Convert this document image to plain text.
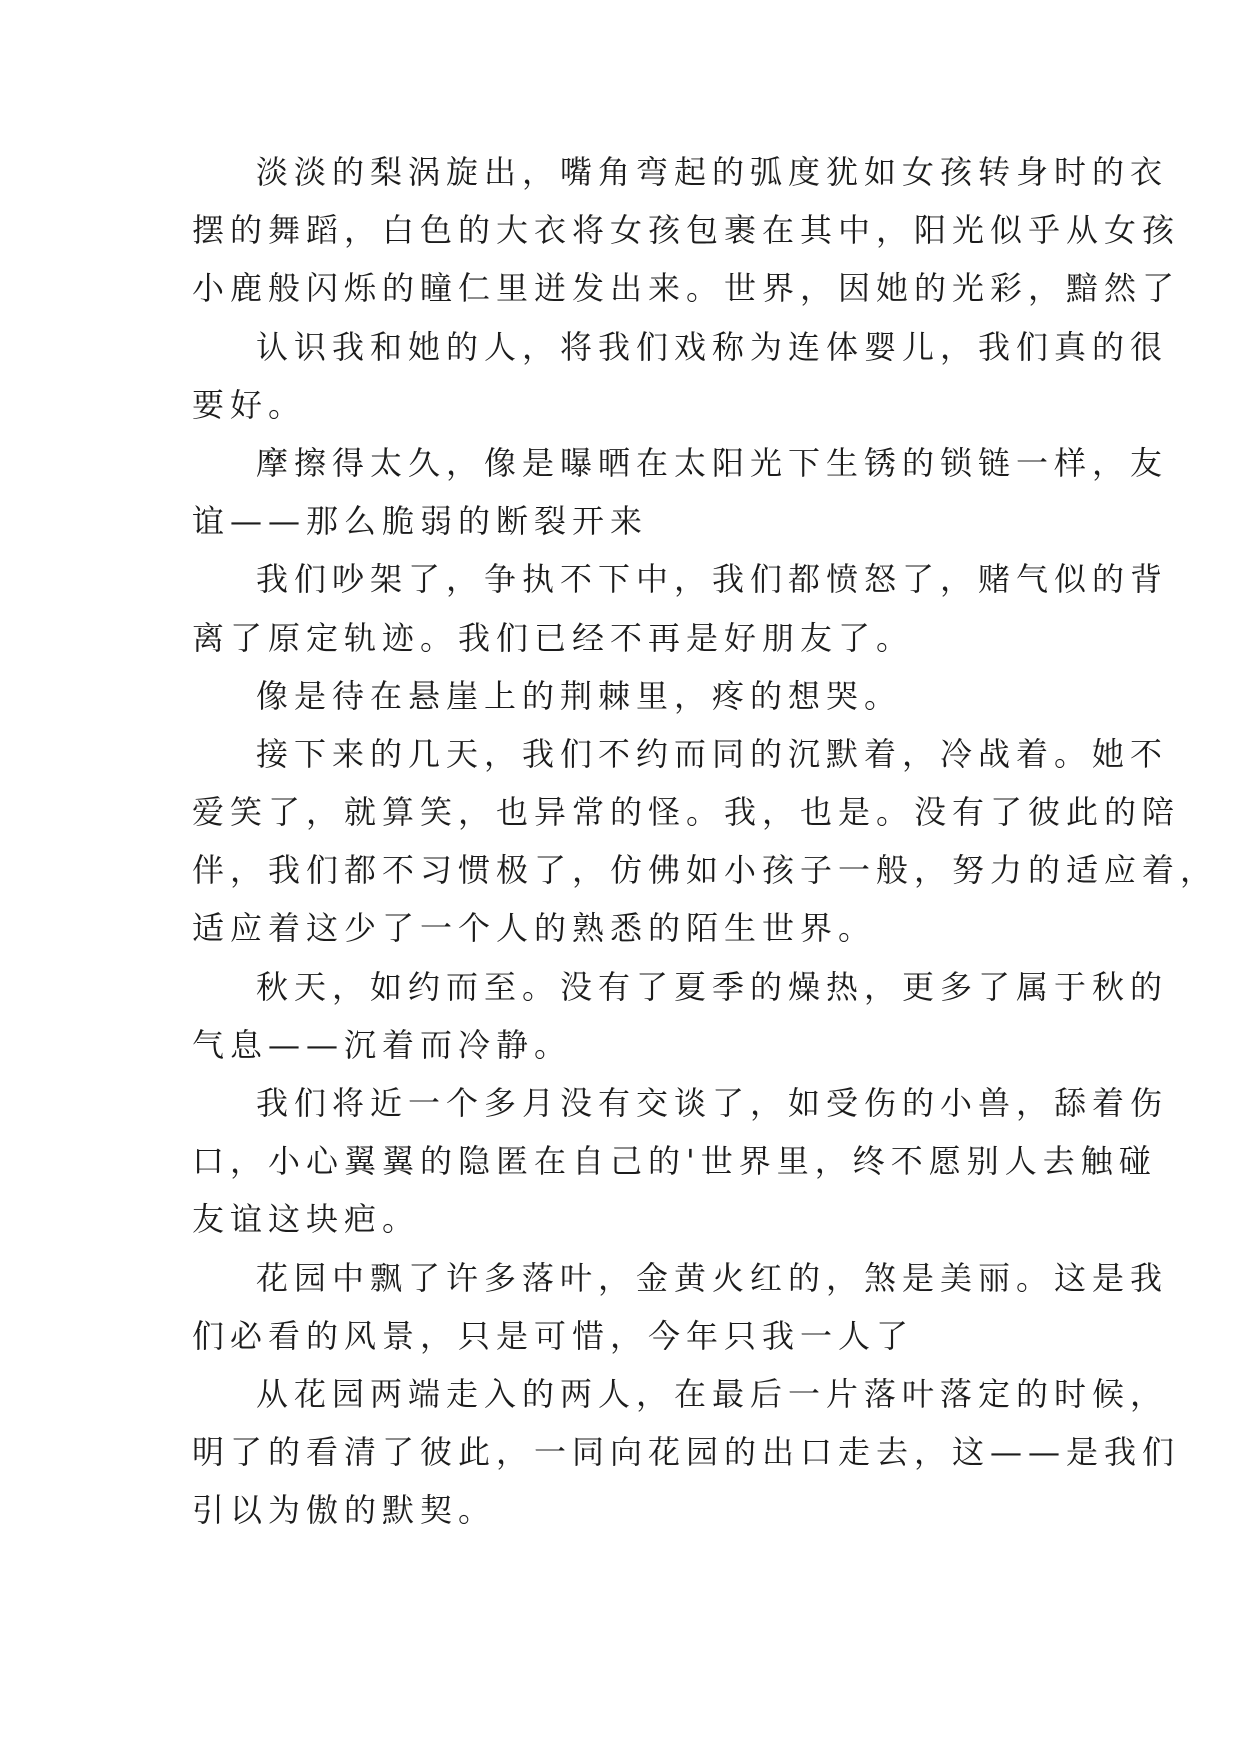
淡淡的梨涡旋出，嘴角弯起的弧度犹如女孩转身时的衣
摆的舞蹈，白色的大衣将女孩包裹在其中，阳光似乎从女孩
小鹿般闪烁的瞳仁里迸发出来。世界，因她的光彩，黯然了
认识我和她的人，将我们戏称为连体婴儿，我们真的很
要好。
摩擦得太久，像是曝晒在太阳光下生锈的锁链一样，友
谊——那么脆弱的断裂开来
我们吵架了，争执不下中，我们都愤怒了，赌气似的背
离了原定轨迹。我们已经不再是好朋友了。
像是待在悬崖上的荆棘里，疼的想哭。
接下来的几天，我们不约而同的沉默着，冷战着。她不
爱笑了，就算笑，也异常的怪。我，也是。没有了彼此的陪
伴，我们都不习惯极了，仿佛如小孩子一般，努力的适应着，
适应着这少了一个人的熟悉的陌生世界。
秋天，如约而至。没有了夏季的燥热，更多了属于秋的
气息——沉着而冷静。
我们将近一个多月没有交谈了，如受伤的小兽，舔着伤
口，小心翼翼的隐匿在自己的'世界里，终不愿别人去触碰
友谊这块疤。
花园中飘了许多落叶，金黄火红的，煞是美丽。这是我
们必看的风景，只是可惜，今年只我一人了
从花园两端走入的两人，在最后一片落叶落定的时候，
明了的看清了彼此，一同向花园的出口走去，这——是我们
引以为傲的默契。
